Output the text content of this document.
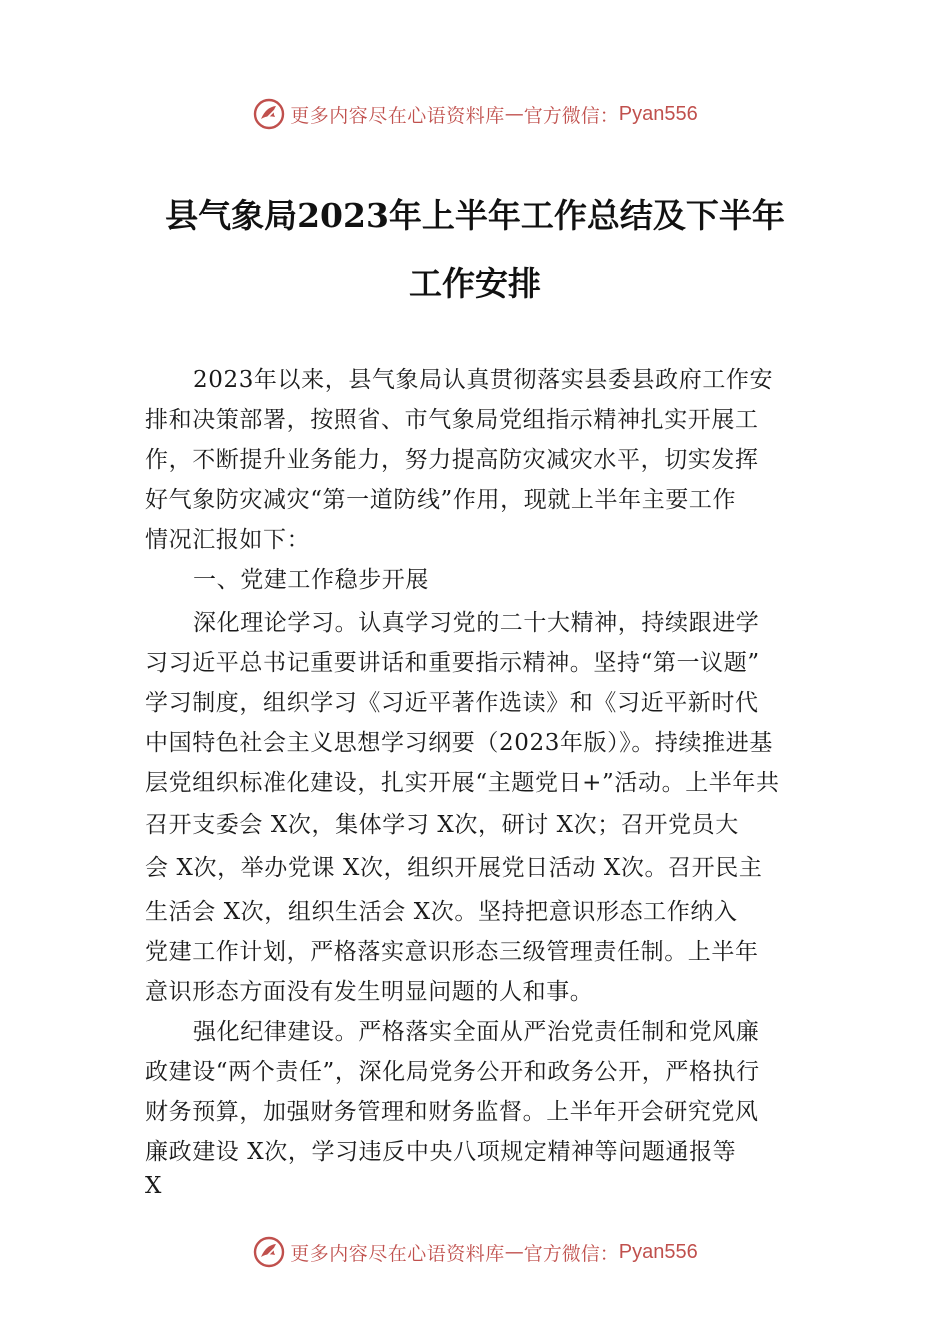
更多内容尽在心语资料库 — 官方微信： Pyan556
县气象局2023年上半年工作总结及下半年
工作安排
2023年以来，县气象局认真贯彻落实县委县政府工作安
排和决策部署，按照省、市气象局党组指示精神扎实开展工
作，不断提升业务能力，努力提高防灾减灾水平，切实发挥
好气象防灾减灾“第一道防线”作用，现就上半年主要工作
情况汇报如下：
一、党建工作稳步开展
深化理论学习。认真学习党的二十大精神，持续跟进学
习习近平总书记重要讲话和重要指示精神。坚持“第一议题”
学习制度，组织学习《习近平著作选读》和《习近平新时代
中国特色社会主义思想学习纲要（2023年版）》。持续推进基
层党组织标准化建设，扎实开展“主题党日+”活动。上半年共
召开支委会 X次，集体学习 X次，研讨 X次；召开党员大
会 X次，举办党课 X次，组织开展党日活动 X次。召开民主
生活会 X次，组织生活会 X次。坚持把意识形态工作纳入
党建工作计划，严格落实意识形态三级管理责任制。上半年
意识形态方面没有发生明显问题的人和事。
强化纪律建设。严格落实全面从严治党责任制和党风廉
政建设“两个责任”，深化局党务公开和政务公开，严格执行
财务预算，加强财务管理和财务监督。上半年开会研究党风
廉政建设 X次，学习违反中央八项规定精神等问题通报等
X
更多内容尽在心语资料库 — 官方微信： Pyan556
